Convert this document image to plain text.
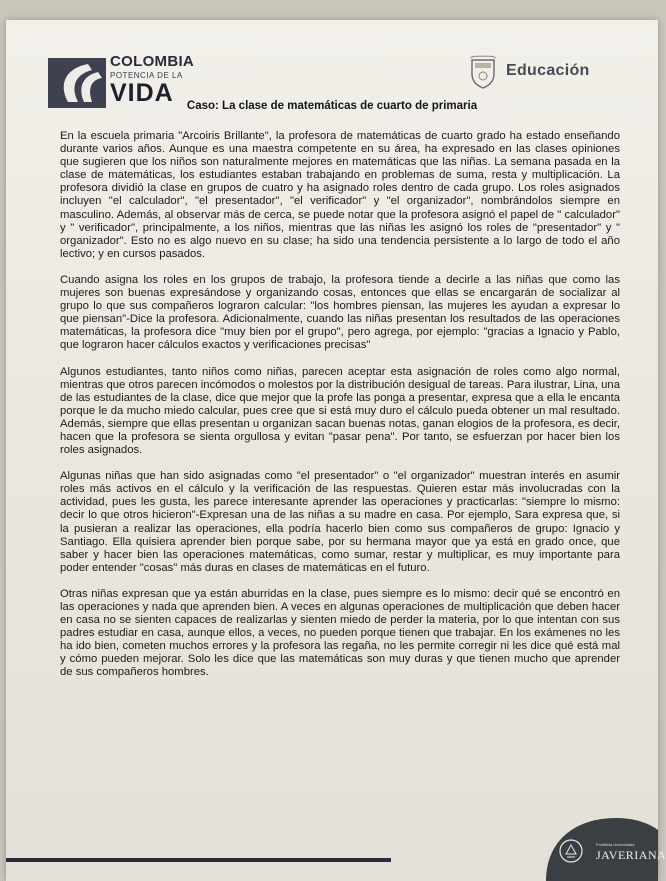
COLOMBIA
POTENCIA DE LA
VIDA
Educación
Caso: La clase de matemáticas de cuarto de primaria

En la escuela primaria "Arcoiris Brillante", la profesora de matemáticas de cuarto grado ha estado enseñando durante varios años. Aunque es una maestra competente en su área, ha expresado en las clases opiniones que sugieren que los niños son naturalmente mejores en matemáticas que las niñas. La semana pasada en la clase de matemáticas, los estudiantes estaban trabajando en problemas de suma, resta y multiplicación. La profesora dividió la clase en grupos de cuatro y ha asignado roles dentro de cada grupo. Los roles asignados incluyen "el calculador", "el presentador", "el verificador" y "el organizador", nombrándolos siempre en masculino. Además, al observar más de cerca, se puede notar que la profesora asignó el papel de " calculador" y " verificador", principalmente, a los niños, mientras que las niñas les asignó los roles de "presentador" y " organizador". Esto no es algo nuevo en su clase; ha sido una tendencia persistente a lo largo de todo el año lectivo; y en cursos pasados.

Cuando asigna los roles en los grupos de trabajo, la profesora tiende a decirle a las niñas que como las mujeres son buenas expresándose y organizando cosas, entonces que ellas se encargarán de socializar al grupo lo que sus compañeros lograron calcular: "los hombres piensan, las mujeres les ayudan a expresar lo que piensan"-Dice la profesora. Adicionalmente, cuando las niñas presentan los resultados de las operaciones matemáticas, la profesora dice "muy bien por el grupo", pero agrega, por ejemplo: "gracias a Ignacio y Pablo, que lograron hacer cálculos exactos y verificaciones precisas"

Algunos estudiantes, tanto niños como niñas, parecen aceptar esta asignación de roles como algo normal, mientras que otros parecen incómodos o molestos por la distribución desigual de tareas. Para ilustrar, Lina, una de las estudiantes de la clase, dice que mejor que la profe las ponga a presentar, expresa que a ella le encanta porque le da mucho miedo calcular, pues cree que si está muy duro el cálculo pueda obtener un mal resultado. Además, siempre que ellas presentan u organizan sacan buenas notas, ganan elogios de la profesora, es decir, hacen que la profesora se sienta orgullosa y evitan "pasar pena". Por tanto, se esfuerzan por hacer bien los roles asignados.

Algunas niñas que han sido asignadas como "el presentador" o "el organizador" muestran interés en asumir roles más activos en el cálculo y la verificación de las respuestas. Quieren estar más involucradas con la actividad, pues les gusta, les parece interesante aprender las operaciones y practicarlas: "siempre lo mismo: decir lo que otros hicieron"-Expresan una de las niñas a su madre en casa. Por ejemplo, Sara expresa que, si la pusieran a realizar las operaciones, ella podría hacerlo bien como sus compañeros de grupo: Ignacio y Santiago. Ella quisiera aprender bien porque sabe, por su hermana mayor que ya está en grado once, que saber y hacer bien las operaciones matemáticas, como sumar, restar y multiplicar, es muy importante para poder entender "cosas" más duras en clases de matemáticas en el futuro.

Otras niñas expresan que ya están aburridas en la clase, pues siempre es lo mismo: decir qué se encontró en las operaciones y nada que aprenden bien. A veces en algunas operaciones de multiplicación que deben hacer en casa no se sienten capaces de realizarlas y sienten miedo de perder la materia, por lo que intentan con sus padres estudiar en casa, aunque ellos, a veces, no pueden porque tienen que trabajar. En los exámenes no les ha ido bien, cometen muchos errores y la profesora las regaña, no les permite corregir ni les dice qué está mal y cómo pueden mejorar. Solo les dice que las matemáticas son muy duras y que tienen mucho que aprender de sus compañeros hombres.

Pontificia Universidad
JAVERIANA
